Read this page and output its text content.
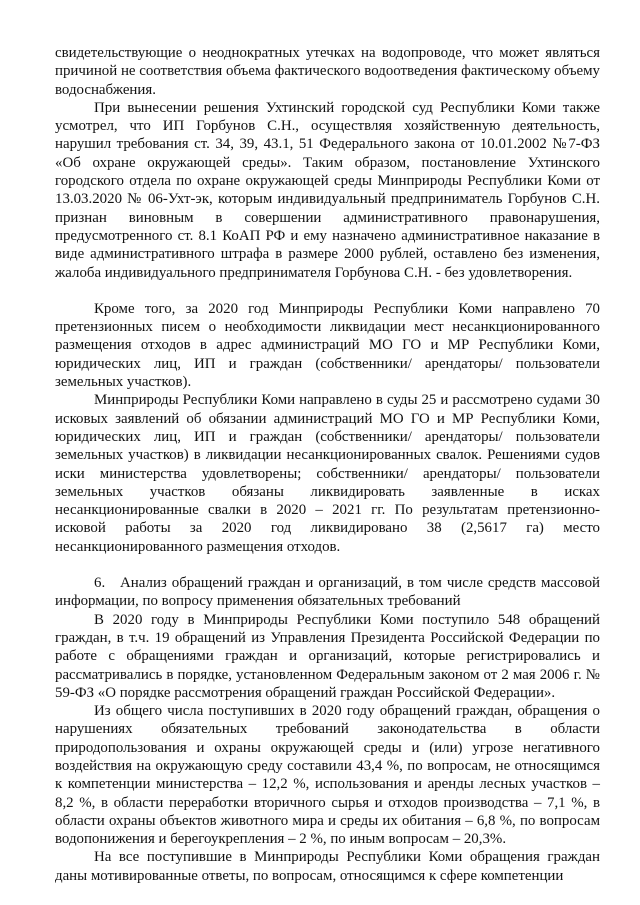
свидетельствующие о неоднократных утечках на водопроводе, что может являться причиной не соответствия объема фактического водоотведения фактическому объему водоснабжения.

При вынесении решения Ухтинский городской суд Республики Коми также усмотрел, что ИП Горбунов С.Н., осуществляя хозяйственную деятельность, нарушил требования ст. 34, 39, 43.1, 51 Федерального закона от 10.01.2002 №7-ФЗ «Об охране окружающей среды». Таким образом, постановление Ухтинского городского отдела по охране окружающей среды Минприроды Республики Коми от 13.03.2020 № 06-Ухт-эк, которым индивидуальный предприниматель Горбунов С.Н. признан виновным в совершении административного правонарушения, предусмотренного ст. 8.1 КоАП РФ и ему назначено административное наказание в виде административного штрафа в размере 2000 рублей, оставлено без изменения, жалоба индивидуального предпринимателя Горбунова С.Н. - без удовлетворения.

Кроме того, за 2020 год Минприроды Республики Коми направлено 70 претензионных писем о необходимости ликвидации мест несанкционированного размещения отходов в адрес администраций МО ГО и МР Республики Коми, юридических лиц, ИП и граждан (собственники/ арендаторы/ пользователи земельных участков).

Минприроды Республики Коми направлено в суды 25 и рассмотрено судами 30 исковых заявлений об обязании администраций МО ГО и МР Республики Коми, юридических лиц, ИП и граждан (собственники/ арендаторы/ пользователи земельных участков) в ликвидации несанкционированных свалок. Решениями судов иски министерства удовлетворены; собственники/ арендаторы/ пользователи земельных участков обязаны ликвидировать заявленные в исках несанкционированные свалки в 2020 – 2021 гг. По результатам претензионно-исковой работы за 2020 год ликвидировано 38 (2,5617 га) место несанкционированного размещения отходов.

6. Анализ обращений граждан и организаций, в том числе средств массовой информации, по вопросу применения обязательных требований

В 2020 году в Минприроды Республики Коми поступило 548 обращений граждан, в т.ч. 19 обращений из Управления Президента Российской Федерации по работе с обращениями граждан и организаций, которые регистрировались и рассматривались в порядке, установленном Федеральным законом от 2 мая 2006 г. № 59-ФЗ «О порядке рассмотрения обращений граждан Российской Федерации».

Из общего числа поступивших в 2020 году обращений граждан, обращения о нарушениях обязательных требований законодательства в области природопользования и охраны окружающей среды и (или) угрозе негативного воздействия на окружающую среду составили 43,4 %, по вопросам, не относящимся к компетенции министерства – 12,2 %, использования и аренды лесных участков – 8,2 %, в области переработки вторичного сырья и отходов производства – 7,1 %, в области охраны объектов животного мира и среды их обитания – 6,8 %, по вопросам водопонижения и берегоукрепления – 2 %, по иным вопросам – 20,3%.

На все поступившие в Минприроды Республики Коми обращения граждан даны мотивированные ответы, по вопросам, относящимся к сфере компетенции
